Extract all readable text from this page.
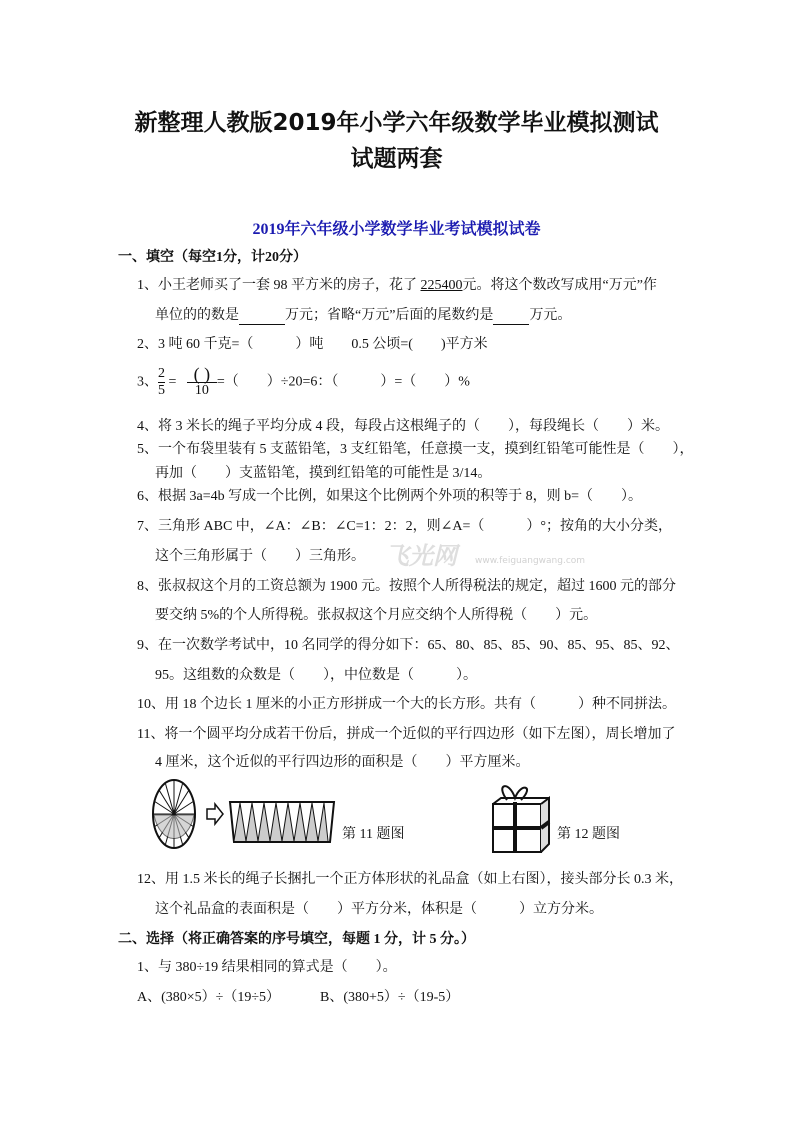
新整理人教版2019年小学六年级数学毕业模拟测试
试题两套
2019年六年级小学数学毕业考试模拟试卷
一、填空（每空1分，计20分）
1、小王老师买了一套 98 平方米的房子，花了 225400元。将这个数改写成用“万元”作
单位的的数是	万元；省略“万元”后面的尾数约是	万元。
2、3 吨 60 千克=（　　　）吨　　0.5 公顷=(　　)平方米
3、 $\frac{2}{5} = \frac{( )}{10}$ =（　　）÷20=6：（　　　）=（　　）%
4、将 3 米长的绳子平均分成 4 段，每段占这根绳子的（　　），每段绳长（　　）米。
5、一个布袋里装有 5 支蓝铅笔，3 支红铅笔，任意摸一支，摸到红铅笔可能性是（　　），
再加（　　）支蓝铅笔，摸到红铅笔的可能性是 3/14。
6、根据 3a=4b 写成一个比例，如果这个比例两个外项的积等于 8，则 b=（　　）。
7、三角形 ABC 中，∠A：∠B：∠C=1：2：2，则∠A=（　　　）°；按角的大小分类，
这个三角形属于（　　）三角形。 飞光网 www.feiguangwang.com
8、张叔叔这个月的工资总额为 1900 元。按照个人所得税法的规定，超过 1600 元的部分
要交纳 5%的个人所得税。张叔叔这个月应交纳个人所得税（　　）元。
9、在一次数学考试中，10 名同学的得分如下：65、80、85、85、90、85、95、85、92、
95。这组数的众数是（　　），中位数是（　　　）。
10、用 18 个边长 1 厘米的小正方形拼成一个大的长方形。共有（　　　）种不同拼法。
11、将一个圆平均分成若干份后，拼成一个近似的平行四边形（如下左图），周长增加了
4 厘米，这个近似的平行四边形的面积是（　　）平方厘米。
第 11 题图	第 12 题图
12、用 1.5 米长的绳子长捆扎一个正方体形状的礼品盒（如上右图），接头部分长 0.3 米，
这个礼品盒的表面积是（　　）平方分米，体积是（　　　）立方分米。
二、选择（将正确答案的序号填空，每题 1 分，计 5 分。）
1、与 380÷19 结果相同的算式是（　　）。
A、(380×5）÷（19÷5）	B、(380+5）÷（19-5）
